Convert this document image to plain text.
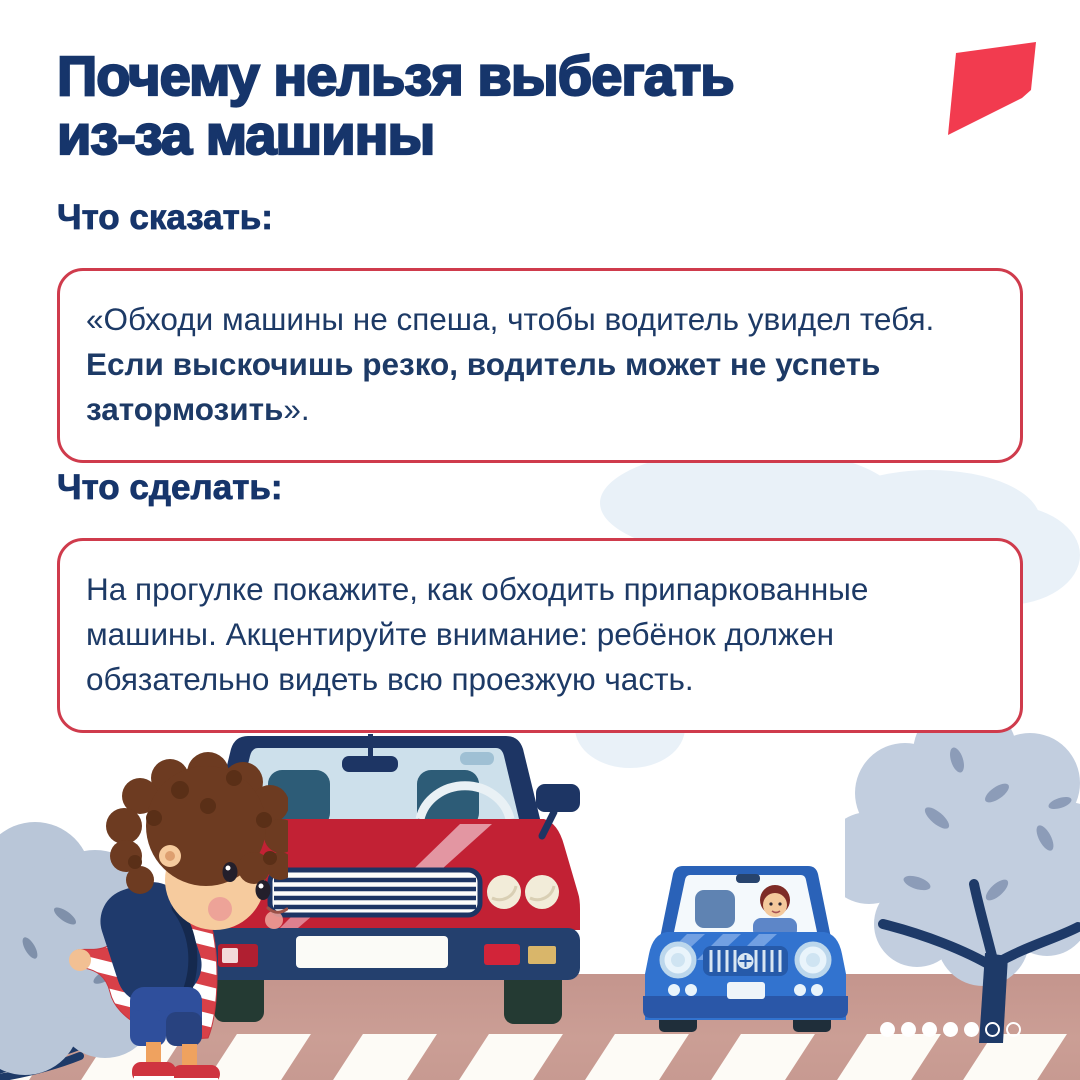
Почему нельзя выбегать
из-за машины
Что сказать:
«Обходи машины не спеша, чтобы водитель увидел тебя. Если выскочишь резко, водитель может не успеть затормозить».
Что сделать:
На прогулке покажите, как обходить припаркованные машины. Акцентируйте внимание: ребёнок должен обязательно видеть всю проезжую часть.
